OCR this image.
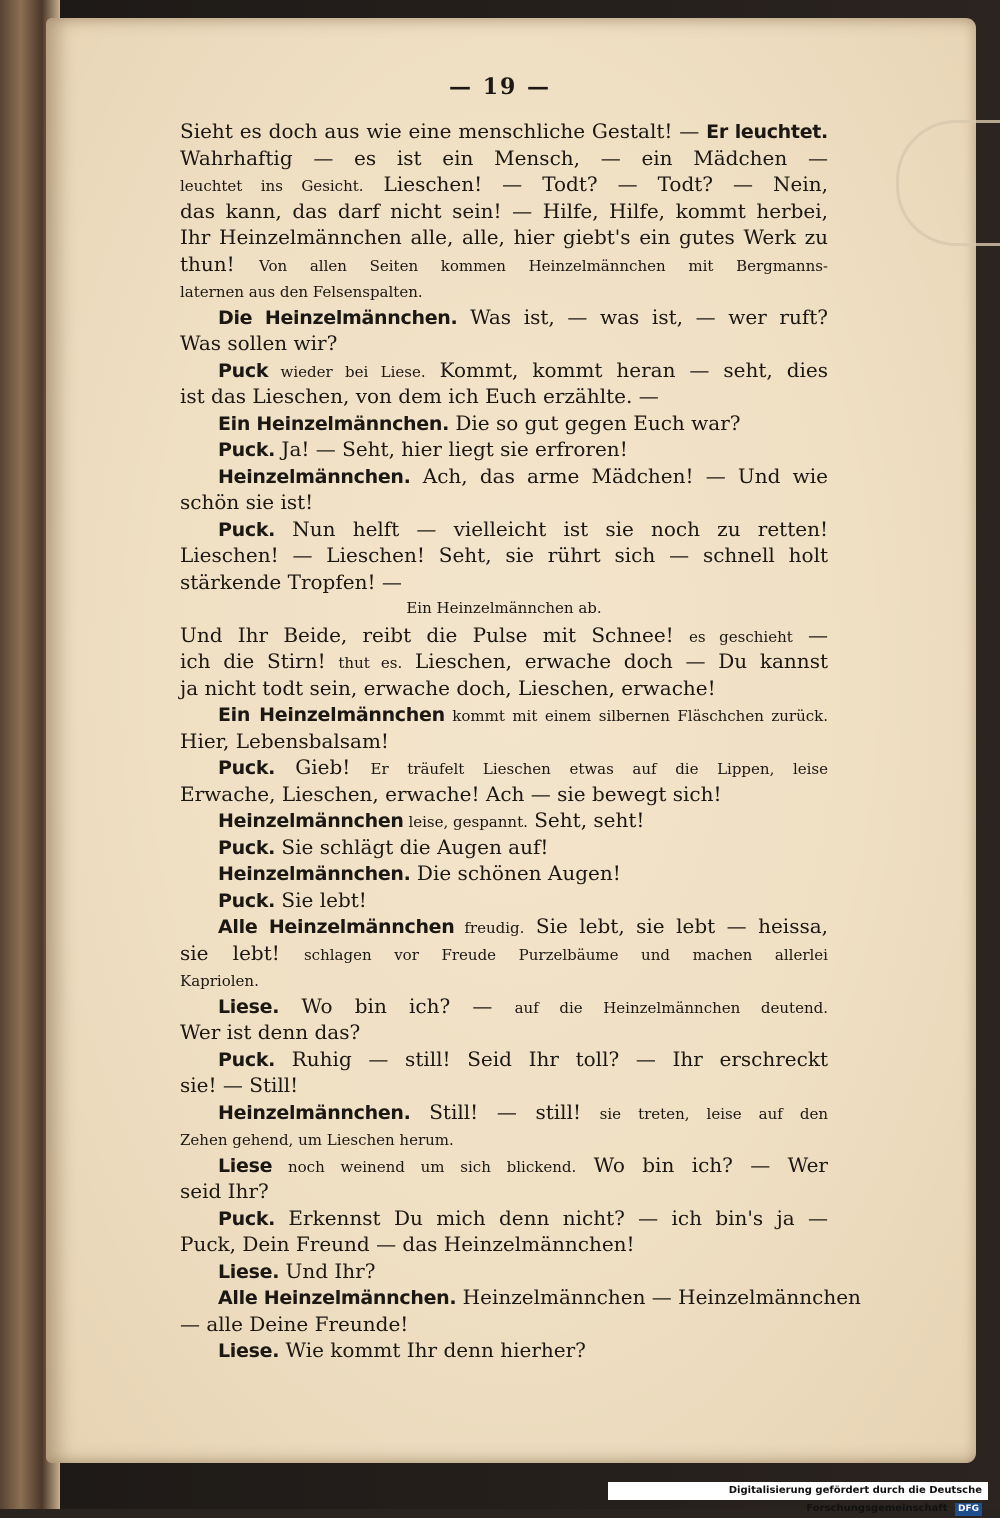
— 19 —
Sieht es doch aus wie eine menschliche Gestalt! — Er leuchtet.
Wahrhaftig — es ist ein Mensch, — ein Mädchen —
leuchtet ins Gesicht. Lieschen! — Todt? — Todt? — Nein,
das kann, das darf nicht sein! — Hilfe, Hilfe, kommt herbei,
Ihr Heinzelmännchen alle, alle, hier giebt's ein gutes Werk zu
thun! Von allen Seiten kommen Heinzelmännchen mit Bergmanns-
laternen aus den Felsenspalten.
Die Heinzelmännchen. Was ist, — was ist, — wer ruft?
Was sollen wir?
Puck wieder bei Liese. Kommt, kommt heran — seht, dies
ist das Lieschen, von dem ich Euch erzählte. —
Ein Heinzelmännchen. Die so gut gegen Euch war?
Puck. Ja! — Seht, hier liegt sie erfroren!
Heinzelmännchen. Ach, das arme Mädchen! — Und wie
schön sie ist!
Puck. Nun helft — vielleicht ist sie noch zu retten!
Lieschen! — Lieschen! Seht, sie rührt sich — schnell holt
stärkende Tropfen! —
Ein Heinzelmännchen ab.
Und Ihr Beide, reibt die Pulse mit Schnee! es geschieht —
ich die Stirn! thut es. Lieschen, erwache doch — Du kannst
ja nicht todt sein, erwache doch, Lieschen, erwache!
Ein Heinzelmännchen kommt mit einem silbernen Fläschchen zurück.
Hier, Lebensbalsam!
Puck. Gieb! Er träufelt Lieschen etwas auf die Lippen, leise
Erwache, Lieschen, erwache! Ach — sie bewegt sich!
Heinzelmännchen leise, gespannt. Seht, seht!
Puck. Sie schlägt die Augen auf!
Heinzelmännchen. Die schönen Augen!
Puck. Sie lebt!
Alle Heinzelmännchen freudig. Sie lebt, sie lebt — heissa,
sie lebt! schlagen vor Freude Purzelbäume und machen allerlei
Kapriolen.
Liese. Wo bin ich? — auf die Heinzelmännchen deutend.
Wer ist denn das?
Puck. Ruhig — still! Seid Ihr toll? — Ihr erschreckt
sie! — Still!
Heinzelmännchen. Still! — still! sie treten, leise auf den
Zehen gehend, um Lieschen herum.
Liese noch weinend um sich blickend. Wo bin ich? — Wer
seid Ihr?
Puck. Erkennst Du mich denn nicht? — ich bin's ja —
Puck, Dein Freund — das Heinzelmännchen!
Liese. Und Ihr?
Alle Heinzelmännchen. Heinzelmännchen — Heinzelmännchen
— alle Deine Freunde!
Liese. Wie kommt Ihr denn hierher?
Digitalisierung gefördert durch die Deutsche Forschungsgemeinschaft DFG
